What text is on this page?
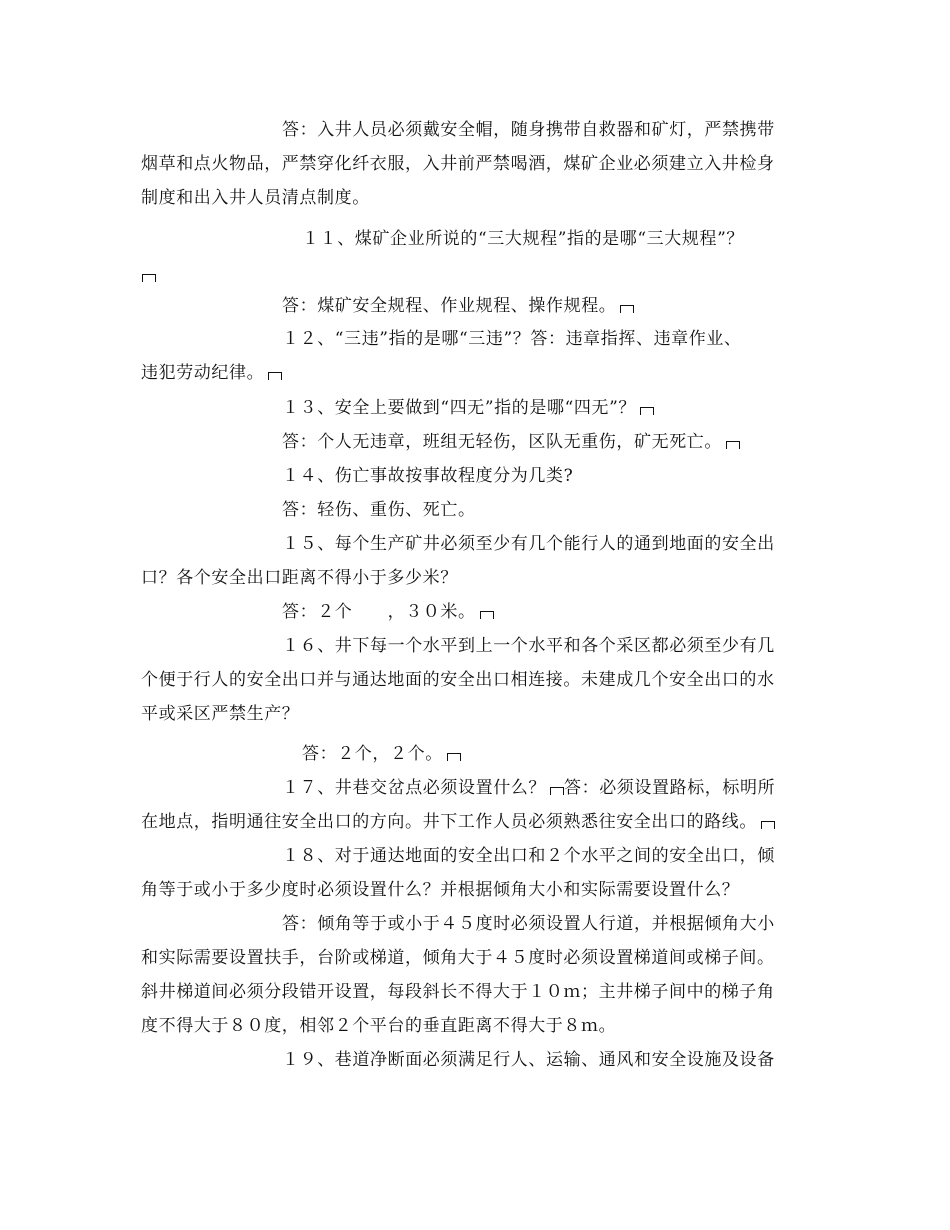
答：入井人员必须戴安全帽，随身携带自救器和矿灯，严禁携带
烟草和点火物品，严禁穿化纤衣服，入井前严禁喝酒，煤矿企业必须建立入井检身
制度和出入井人员清点制度。
１１、煤矿企业所说的“三大规程”指的是哪“三大规程”？
答：煤矿安全规程、作业规程、操作规程。
１２、“三违”指的是哪“三违”？答：违章指挥、违章作业、
违犯劳动纪律。
１３、安全上要做到“四无”指的是哪“四无”？
答：个人无违章，班组无轻伤，区队无重伤，矿无死亡。
１４、伤亡事故按事故程度分为几类?
答：轻伤、重伤、死亡。
１５、每个生产矿井必须至少有几个能行人的通到地面的安全出
口？各个安全出口距离不得小于多少米？
答：２个　　，３０米。
１６、井下每一个水平到上一个水平和各个采区都必须至少有几
个便于行人的安全出口并与通达地面的安全出口相连接。未建成几个安全出口的水
平或采区严禁生产？
答：２个，２个。
１７、井巷交岔点必须设置什么？ 答：必须设置路标，标明所
在地点，指明通往安全出口的方向。井下工作人员必须熟悉往安全出口的路线。
１８、对于通达地面的安全出口和２个水平之间的安全出口，倾
角等于或小于多少度时必须设置什么？并根据倾角大小和实际需要设置什么？
答：倾角等于或小于４５度时必须设置人行道，并根据倾角大小
和实际需要设置扶手，台阶或梯道，倾角大于４５度时必须设置梯道间或梯子间。
斜井梯道间必须分段错开设置，每段斜长不得大于１０ｍ；主井梯子间中的梯子角
度不得大于８０度，相邻２个平台的垂直距离不得大于８ｍ。
１９、巷道净断面必须满足行人、运输、通风和安全设施及设备
